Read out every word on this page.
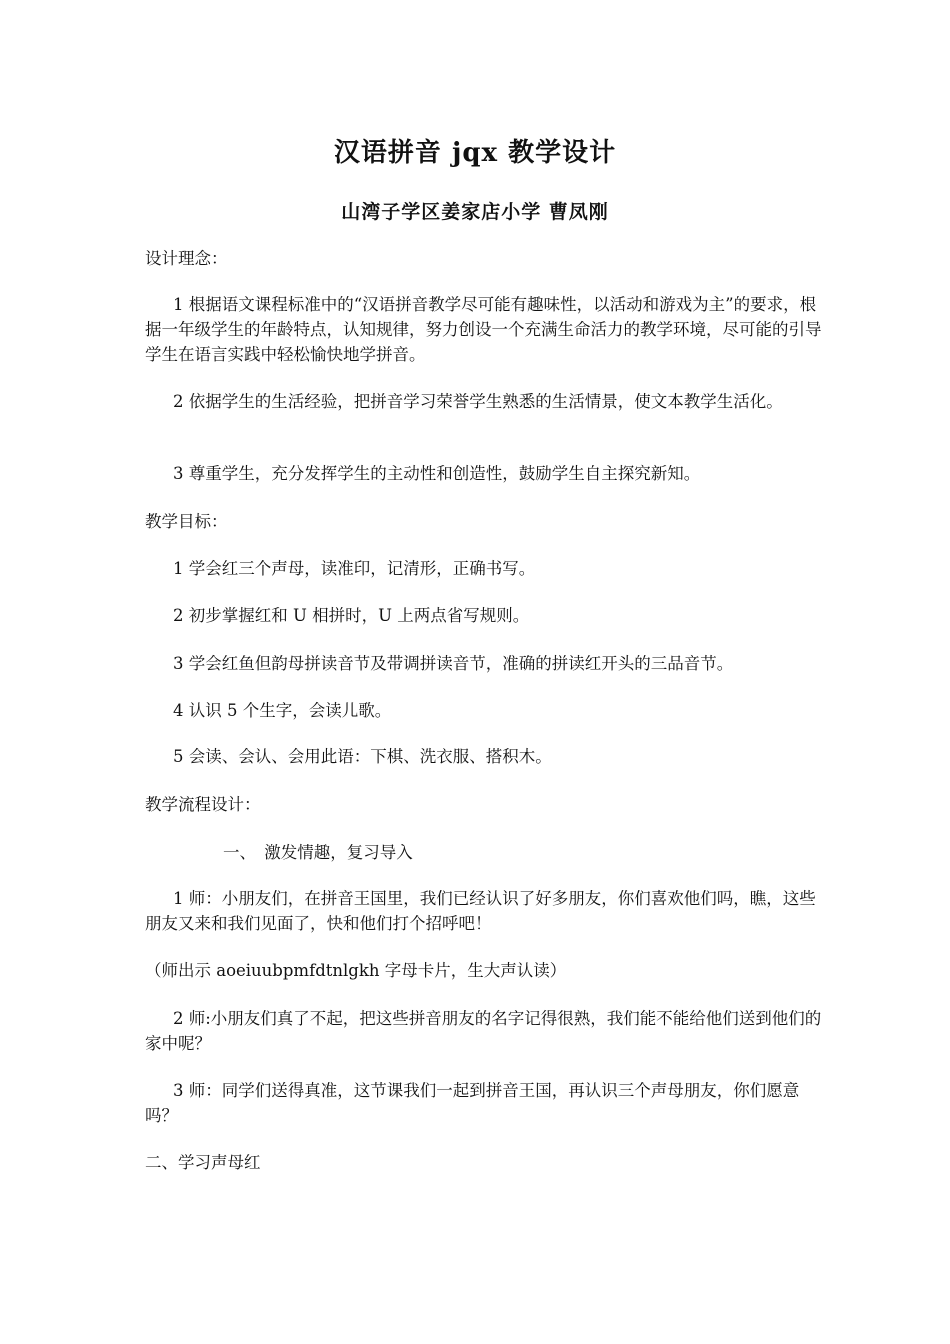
汉语拼音 jqx 教学设计
山湾子学区姜家店小学 曹凤刚
设计理念：
1 根据语文课程标准中的“汉语拼音教学尽可能有趣味性，以活动和游戏为主”的要求，根据一年级学生的年龄特点，认知规律，努力创设一个充满生命活力的教学环境，尽可能的引导学生在语言实践中轻松愉快地学拼音。
2 依据学生的生活经验，把拼音学习荣誉学生熟悉的生活情景，使文本教学生活化。
3 尊重学生，充分发挥学生的主动性和创造性，鼓励学生自主探究新知。
教学目标：
1 学会红三个声母，读准印，记清形，正确书写。
2 初步掌握红和 U 相拼时，U 上两点省写规则。
3 学会红鱼但韵母拼读音节及带调拼读音节，准确的拼读红开头的三品音节。
4 认识 5 个生字，会读儿歌。
5 会读、会认、会用此语：下棋、洗衣服、搭积木。
教学流程设计：
一、　激发情趣，复习导入
1 师：小朋友们，在拼音王国里，我们已经认识了好多朋友，你们喜欢他们吗，瞧，这些朋友又来和我们见面了，快和他们打个招呼吧！
（师出示 aoeiuubpmfdtnlgkh 字母卡片，生大声认读）
2 师:小朋友们真了不起，把这些拼音朋友的名字记得很熟，我们能不能给他们送到他们的家中呢？
3 师：同学们送得真准，这节课我们一起到拼音王国，再认识三个声母朋友，你们愿意吗？
二、学习声母红
